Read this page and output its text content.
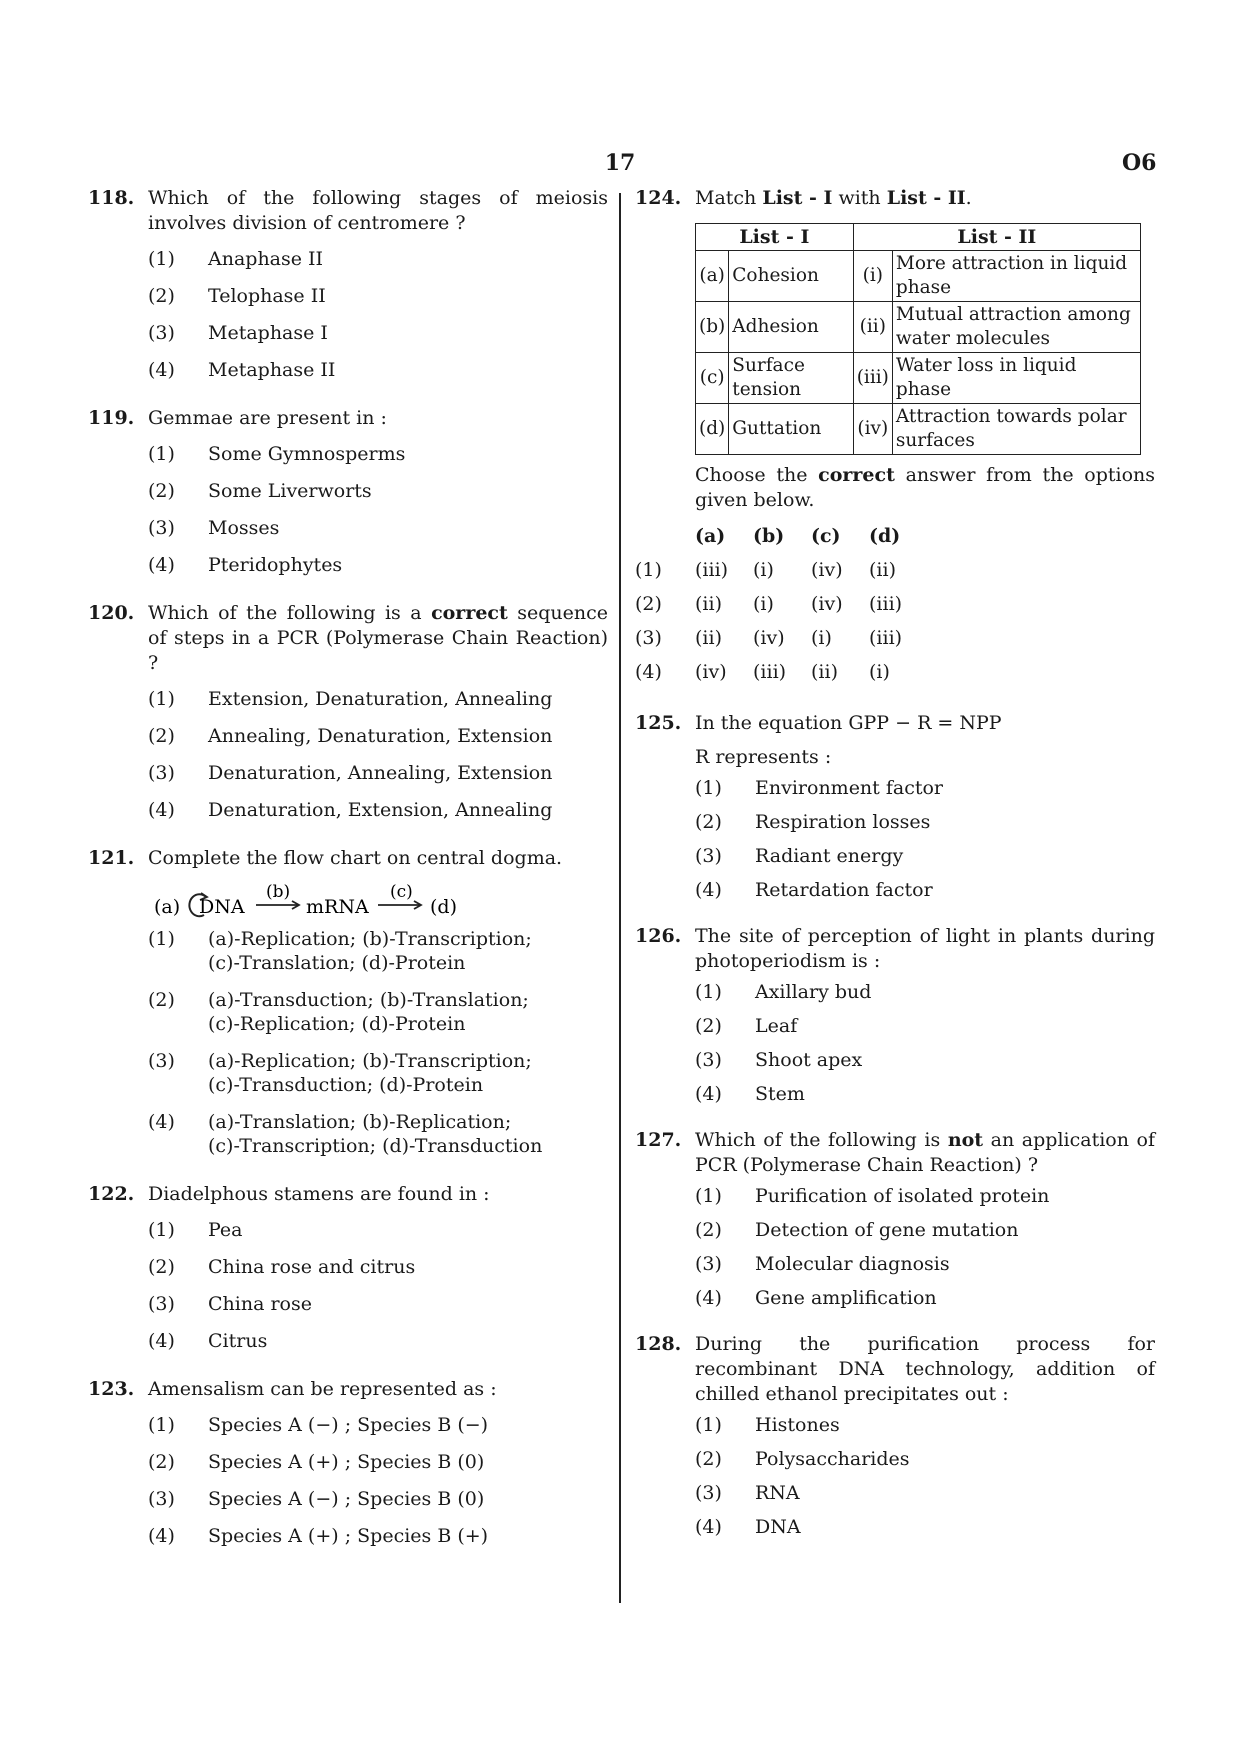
17	O6
118. Which of the following stages of meiosis involves division of centromere ?
(1) Anaphase II
(2) Telophase II
(3) Metaphase I
(4) Metaphase II
119. Gemmae are present in :
(1) Some Gymnosperms
(2) Some Liverworts
(3) Mosses
(4) Pteridophytes
120. Which of the following is a correct sequence of steps in a PCR (Polymerase Chain Reaction) ?
(1) Extension, Denaturation, Annealing
(2) Annealing, Denaturation, Extension
(3) Denaturation, Annealing, Extension
(4) Denaturation, Extension, Annealing
121. Complete the flow chart on central dogma.
(a) DNA
(b)
mRNA
(c)
(d)
(1) (a)-Replication; (b)-Transcription;
(c)-Translation; (d)-Protein
(2) (a)-Transduction; (b)-Translation;
(c)-Replication; (d)-Protein
(3) (a)-Replication; (b)-Transcription;
(c)-Transduction; (d)-Protein
(4) (a)-Translation; (b)-Replication;
(c)-Transcription; (d)-Transduction
122. Diadelphous stamens are found in :
(1) Pea
(2) China rose and citrus
(3) China rose
(4) Citrus
123. Amensalism can be represented as :
(1) Species A (−) ; Species B (−)
(2) Species A (+) ; Species B (0)
(3) Species A (−) ; Species B (0)
(4) Species A (+) ; Species B (+)
124. Match List - I with List - II.
List - I		List - II	
(a)	Cohesion	(i)	More attraction in liquid phase
(b)	Adhesion	(ii)	Mutual attraction among water molecules
(c)	Surface tension	(iii)	Water loss in liquid phase
(d)	Guttation	(iv)	Attraction towards polar surfaces
Choose the correct answer from the options given below.
	(a)	(b)	(c)	(d)
(1)	(iii)	(i)	(iv)	(ii)
(2)	(ii)	(i)	(iv)	(iii)
(3)	(ii)	(iv)	(i)	(iii)
(4)	(iv)	(iii)	(ii)	(i)
125. In the equation GPP − R = NPP
R represents :
(1) Environment factor
(2) Respiration losses
(3) Radiant energy
(4) Retardation factor
126. The site of perception of light in plants during photoperiodism is :
(1) Axillary bud
(2) Leaf
(3) Shoot apex
(4) Stem
127. Which of the following is not an application of PCR (Polymerase Chain Reaction) ?
(1) Purification of isolated protein
(2) Detection of gene mutation
(3) Molecular diagnosis
(4) Gene amplification
128. During the purification process for recombinant DNA technology, addition of chilled ethanol precipitates out :
(1) Histones
(2) Polysaccharides
(3) RNA
(4) DNA
